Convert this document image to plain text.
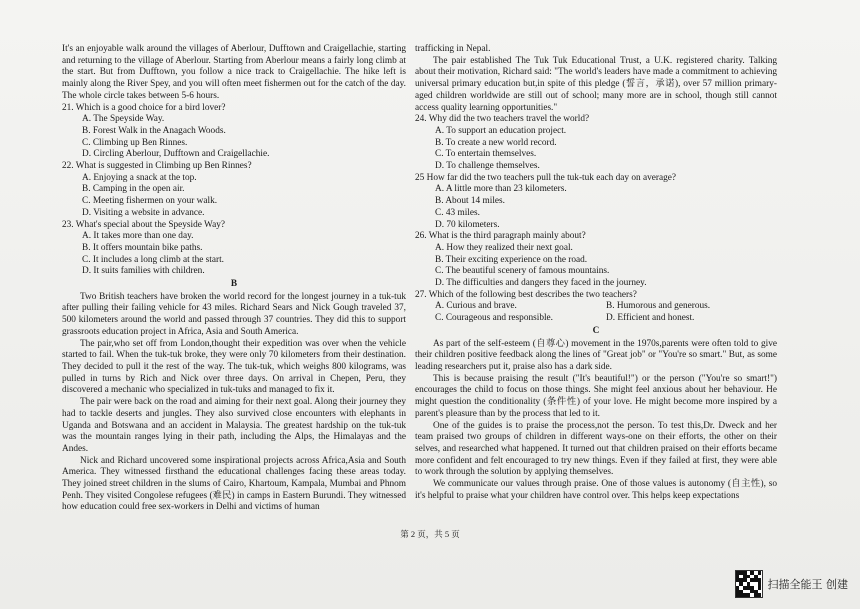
It's an enjoyable walk around the villages of Aberlour, Dufftown and Craigellachie, starting and returning to the village of Aberlour. Starting from Aberlour means a fairly long climb at the start. But from Dufftown, you follow a nice track to Craigellachie. The hike left is mainly along the River Spey, and you will often meet fishermen out for the catch of the day. The whole circle takes between 5-6 hours.

21. Which is a good choice for a bird lover?

A. The Speyside Way.

B. Forest Walk in the Anagach Woods.

C. Climbing up Ben Rinnes.

D. Circling Aberlour, Dufftown and Craigellachie.

22. What is suggested in Climbing up Ben Rinnes?

A. Enjoying a snack at the top.

B. Camping in the open air.

C. Meeting fishermen on your walk.

D. Visiting a website in advance.

23. What's special about the Speyside Way?

A. It takes more than one day.

B. It offers mountain bike paths.

C. It includes a long climb at the start.

D. It suits families with children.

B

Two British teachers have broken the world record for the longest journey in a tuk-tuk after pulling their failing vehicle for 43 miles. Richard Sears and Nick Gough traveled 37, 500 kilometers around the world and passed through 37 countries. They did this to support grassroots education project in Africa, Asia and South America.

The pair,who set off from London,thought their expedition was over when the vehicle started to fail. When the tuk-tuk broke, they were only 70 kilometers from their destination. They decided to pull it the rest of the way. The tuk-tuk, which weighs 800 kilograms, was pulled in turns by Rich and Nick over three days. On arrival in Chepen, Peru, they discovered a mechanic who specialized in tuk-tuks and managed to fix it.

The pair were back on the road and aiming for their next goal. Along their journey they had to tackle deserts and jungles. They also survived close encounters with elephants in Uganda and Botswana and an accident in Malaysia. The greatest hardship on the tuk-tuk was the mountain ranges lying in their path, including the Alps, the Himalayas and the Andes.

Nick and Richard uncovered some inspirational projects across Africa,Asia and South America. They witnessed firsthand the educational challenges facing these areas today. They joined street children in the slums of Cairo, Khartoum, Kampala, Mumbai and Phnom Penh. They visited Congolese refugees (难民) in camps in Eastern Burundi. They witnessed how education could free sex-workers in Delhi and victims of human

trafficking in Nepal.

The pair established The Tuk Tuk Educational Trust, a U.K. registered charity. Talking about their motivation, Richard said: "The world's leaders have made a commitment to achieving universal primary education but,in spite of this pledge (誓言，承诺), over 57 million primary-aged children worldwide are still out of school; many more are in school, though still cannot access quality learning opportunities."

24. Why did the two teachers travel the world?

A. To support an education project.

B. To create a new world record.

C. To entertain themselves.

D. To challenge themselves.

25 How far did the two teachers pull the tuk-tuk each day on average?

A. A little more than 23 kilometers.

B. About 14 miles.

C. 43 miles.

D. 70 kilometers.

26. What is the third paragraph mainly about?

A. How they realized their next goal.

B. Their exciting experience on the road.

C. The beautiful scenery of famous mountains.

D. The difficulties and dangers they faced in the journey.

27. Which of the following best describes the two teachers?

A. Curious and brave.	B. Humorous and generous.
C. Courageous and responsible.	D. Efficient and honest.

C

As part of the self-esteem (自尊心) movement in the 1970s,parents were often told to give their children positive feedback along the lines of "Great job" or "You're so smart." But, as some leading researchers put it, praise also has a dark side.

This is because praising the result ("It's beautiful!") or the person ("You're so smart!") encourages the child to focus on those things. She might feel anxious about her behaviour. He might question the conditionality (条件性) of your love. He might become more inspired by a parent's pleasure than by the process that led to it.

One of the guides is to praise the process,not the person. To test this,Dr. Dweck and her team praised two groups of children in different ways-one on their efforts, the other on their selves, and researched what happened. It turned out that children praised on their efforts became more confident and felt encouraged to try new things. Even if they failed at first, they were able to work through the solution by applying themselves.

We communicate our values through praise. One of those values is autonomy (自主性), so it's helpful to praise what your children have control over. This helps keep expectations

第 2 页，共 5 页
扫描全能王 创建
